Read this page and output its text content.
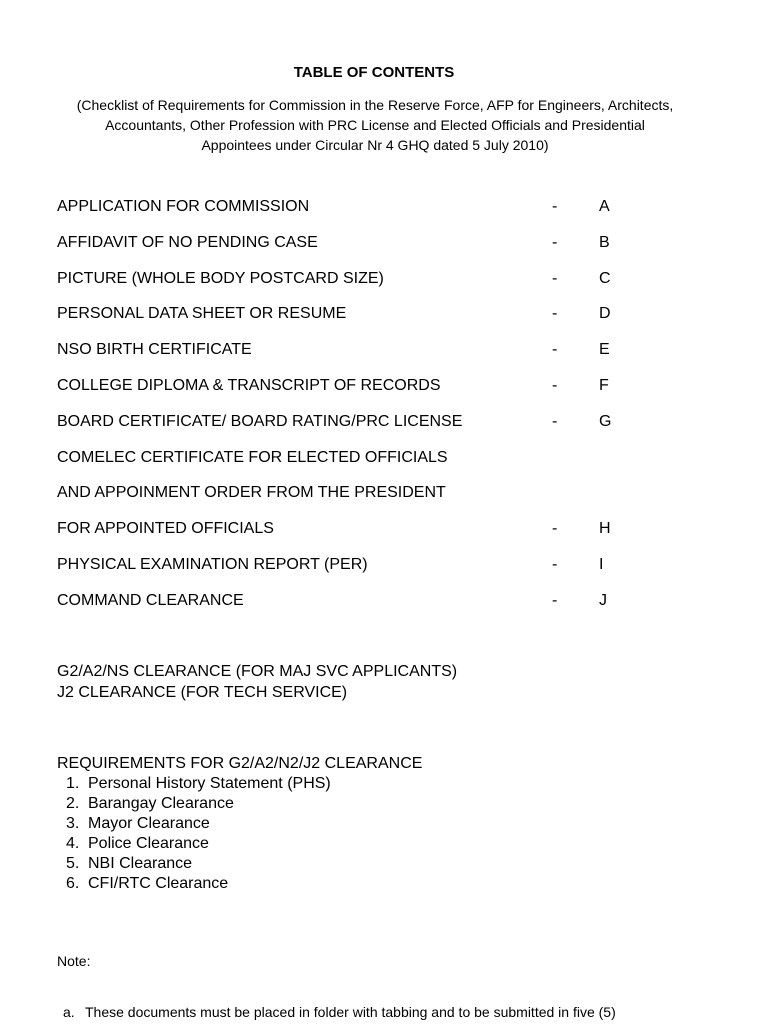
TABLE OF CONTENTS
(Checklist of Requirements for Commission in the Reserve Force, AFP for Engineers, Architects, Accountants, Other Profession with PRC License and Elected Officials and Presidential Appointees under Circular Nr 4 GHQ dated 5 July 2010)
APPLICATION FOR COMMISSION	-	A
AFFIDAVIT OF NO PENDING CASE	-	B
PICTURE (WHOLE BODY POSTCARD SIZE)	-	C
PERSONAL DATA SHEET OR RESUME	-	D
NSO BIRTH CERTIFICATE	-	E
COLLEGE DIPLOMA & TRANSCRIPT OF RECORDS	-	F
BOARD CERTIFICATE/ BOARD RATING/PRC LICENSE	-	G
COMELEC CERTIFICATE FOR ELECTED OFFICIALS
AND APPOINMENT ORDER FROM THE PRESIDENT
FOR APPOINTED OFFICIALS	-	H
PHYSICAL EXAMINATION REPORT (PER)	-	I
COMMAND CLEARANCE	-	J
G2/A2/NS CLEARANCE (FOR MAJ SVC APPLICANTS)
J2 CLEARANCE (FOR TECH SERVICE)
REQUIREMENTS FOR G2/A2/N2/J2 CLEARANCE
1. Personal History Statement (PHS)
2. Barangay Clearance
3. Mayor Clearance
4. Police Clearance
5. NBI Clearance
6. CFI/RTC Clearance
Note:
a. These documents must be placed in folder with tabbing and to be submitted in five (5)
